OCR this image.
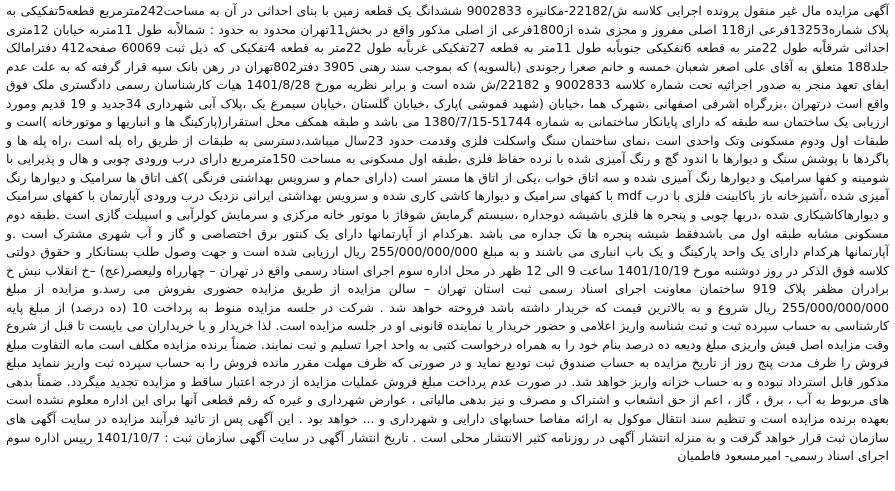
آگهی مزایده مال غیر منقول پرونده اجرایی کلاسه ش/22182-مکانیزه 9002833 ششدانگ یک قطعه زمین با بنای احداثی در آن به مساحت242مترمربع قطعه5تفکیکی به پلاک شماره13253فرعی از118 اصلی مفروز و مجزی شده از1800فرعی از اصلی مذکور واقع در بخش11تهران محدود به حدود : شمالاًبه طول 11متربه خیابان 12متری احداثی شرقاًبه طول 22متر به قطعه 6تفکیکی جنوباًبه طول 11متر به قطعه 27تفکیکی غرباًبه طول 22متر به قطعه 4تفکیکی که ذیل ثبت 60069 صفحه412 دفترامالک جلد188 متعلق به آقای علی اصغر شعبان خمسه و خانم صغرا رجوندی (بالسویه) که بموجب سند رهنی 3905 دفتر802تهران در رهن بانک سپه قرار گرفته که به علت عدم ایفای تعهد منجر به صدور اجرائیه تحت شماره کلاسه 9002833 و 22182/ش شده است و برابر نظریه مورخ 1401/8/28 هیات کارشناسان رسمی دادگستری ملک فوق واقع است درتهران ،بزرگراه اشرفی اصفهانی ،شهرک هما ،خیابان (شهید قموشی )پارک ،خیابان گلستان ،خیابان سیمرغ یک ،پلاک آبی شهرداری 34جدید و 19 قدیم ومورد ارزیابی یک ساختمان سه طبقه که دارای پایانکار ساختمانی به شماره 51744-1380/7/15 می باشد و طبقه همکف محل استقرار(پارکینگ ها و انباریها و موتورخانه )است و طبقات اول ودوم مسکونی وتک واحدی است ،نمای ساختمان سنگ واسکلت فلزی وقدمت حدود 23سال میباشد،دسترسی به طبقات از طریق راه پله است ،راه پله ها و پاگردها با پوشش سنگ و دیوارها با اندود گچ و رنگ آمیزی شده با نرده حفاظ فلزی ،طبقه اول مسکونی به مساحت 150مترمربع دارای درب ورودی چوبی و هال و پذیرایی با شومینه و کفها سرامیک و دیوارها رنگ آمیزی شده و سه اتاق خواب ،یکی از اتاق ها مستر است (دارای حمام و سرویس بهداشتی فرنگی )کف اتاق ها سرامیک و دیوارها رنگ آمیزی شده ،آشپزخانه باز باکابینت فلزی با درب mdf با کفهای سرامیک و دیوارها کاشی کاری شده و سرویس بهداشتی ایرانی نزدیک درب ورودی آپارتمان با کفهای سرامیک و دیوارهاکاشیکاری شده ،دربها چوبی و پنجره ها فلزی باشیشه دوجداره ،سیستم گرمایش شوفاژ با موتور خانه مرکزی و سرمایش کولرآبی و اسپیلت گازی است .طبقه دوم مسکونی مشابه طبقه اول می باشدفقط شیشه پنجره ها تک جداره می باشد .هرکدام از آپارتمانها دارای یک کنتور برق اختصاصی و گاز و آب شهری مشترک است .و آپارتمانها هرکدام دارای یک واحد پارکینگ و یک باب انباری می باشند و به مبلغ 255/000/000/000 ریال ارزیابی شده است و جهت وصول طلب بستانکار و حقوق دولتی کلاسه فوق الذکر در روز دوشنبه مورخ 1401/10/19 ساعت 9 الی 12 ظهر در محل اداره سوم اجرای اسناد رسمی واقع در تهران – چهارراه ولیعصر(عج) –خ انقلاب نبش خ برادران مظفر پلاک 919 ساختمان معاونت اجرای اسناد رسمی ثبت استان تهران – سالن مزایده از طریق مزایده حضوری بفروش می رسد.و مزایده از مبلغ 255/000/000/000 ریال شروع و به بالاترین قیمت که خریدار داشته باشد فروخته خواهد شد . شرکت در جلسه مزایده منوط به پرداخت 10 (ده درصد) از مبلغ پایه کارشناسی به حساب سپرده ثبت و ثبت شناسه واریز اعلامی و حضور خریدار یا نماینده قانونی او در جلسه مزایده است. لذا خریدار و یا خریداران می بایست تا قبل از شروع وقت مزایده اصل فیش واریزی مبلغ ودیعه ده درصد بنام خود را به همراه درخواست کتبی به واحد اجرا تسلیم و ثبت نمایند. ضمناً برنده مزایده مکلف است مابه التفاوت مبلغ فروش را ظرف مدت پنج روز از تاریخ مزایده به حساب صندوق ثبت تودیع نماید و در صورتی که ظرف مهلت مقرر مانده فروش را به حساب سپرده ثبت واریز ننماید مبلغ مذکور قابل استرداد نبوده و به حساب خزانه واریز خواهد شد. در صورت عدم پرداخت مبلغ فروش عملیات مزایده از درجه اعتبار ساقط و مزایده تجدید میگردد. ضمناً بدهی های مربوط به آب ، برق ، گاز ، اعم از حق انشعاب و اشتراک و مصرف و نیز بدهی مالیاتی ، عوارض شهرداری و غیره که رقم قطعی آنها برای این اداره معلوم نشده است بعهده برنده مزایده است و تنظیم سند انتقال موکول به ارائه مفاصا حسابهای دارایی و شهرداری و ... خواهد بود . این آگهی پس از تائید فرآیند مزایده در سایت آگهی های سازمان ثبت قرار خواهد گرفت و به منزله انتشار آگهی در روزنامه کثیر الانتشار محلی است . تاریخ انتشار آگهی در سایت آگهی سازمان ثبت : 1401/10/7 رییس اداره سوم اجرای اسناد رسمی- امیرمسعود فاطمیان
